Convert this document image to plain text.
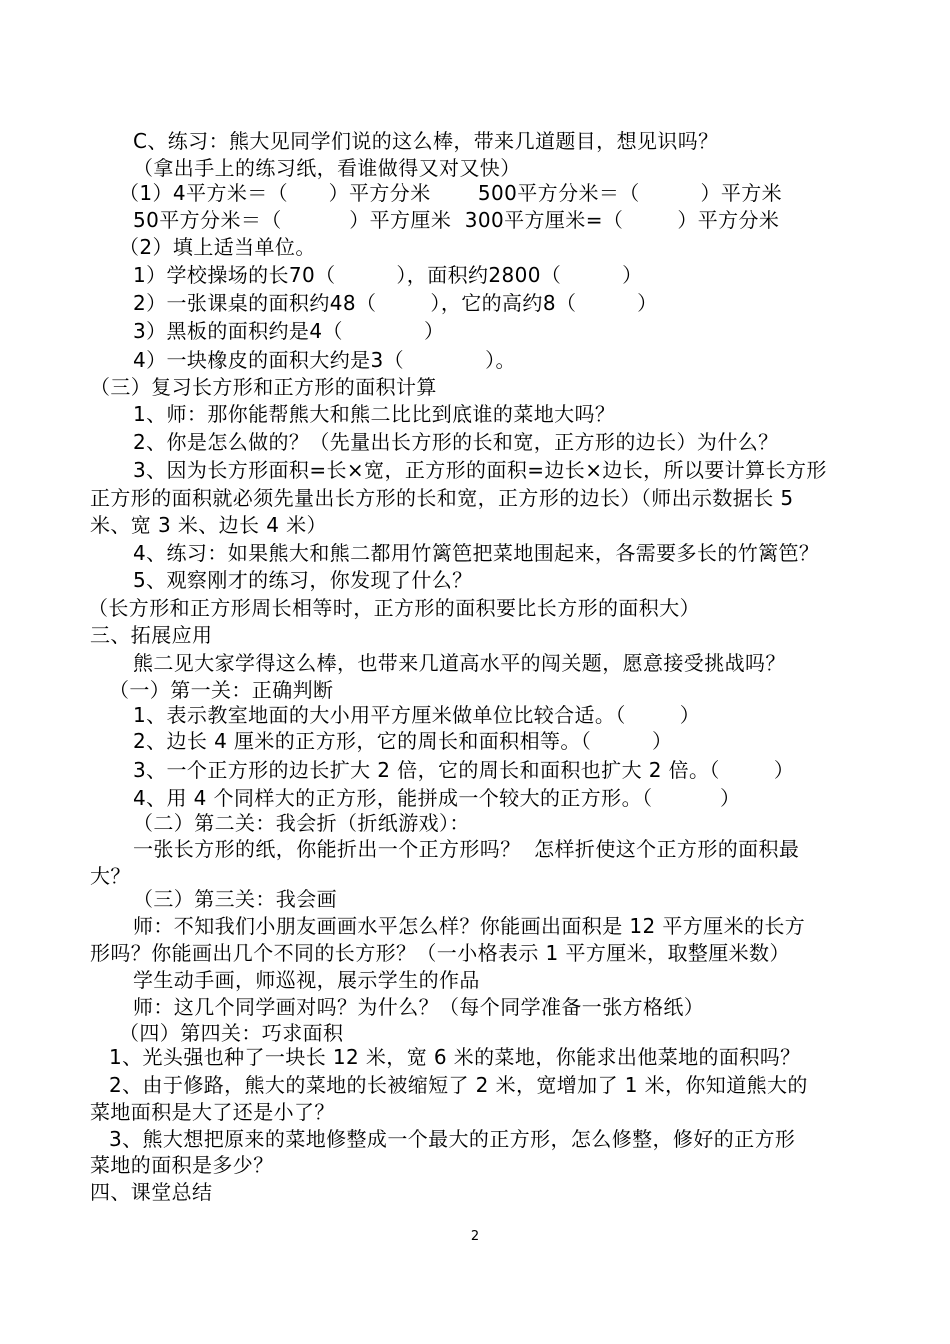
C、练习：熊大见同学们说的这么棒，带来几道题目，想见识吗？
（拿出手上的练习纸，看谁做得又对又快）
（1）4平方米＝（      ）平方分米       500平方分米＝（         ）平方米
50平方分米＝（          ）平方厘米  300平方厘米=（        ）平方分米
（2）填上适当单位。
1）学校操场的长70（         ），面积约2800（         ）
2）一张课桌的面积约48（        ），它的高约8（         ）
3）黑板的面积约是4（            ）
4）一块橡皮的面积大约是3（            ）。
（三）复习长方形和正方形的面积计算
1、师：那你能帮熊大和熊二比比到底谁的菜地大吗？
2、你是怎么做的？（先量出长方形的长和宽，正方形的边长）为什么？
3、因为长方形面积=长×宽，正方形的面积=边长×边长，所以要计算长方形
正方形的面积就必须先量出长方形的长和宽，正方形的边长）（师出示数据长 5
米、宽 3 米、边长 4 米）
4、练习：如果熊大和熊二都用竹篱笆把菜地围起来，各需要多长的竹篱笆？
5、观察刚才的练习，你发现了什么？
（长方形和正方形周长相等时，正方形的面积要比长方形的面积大）
三、拓展应用
熊二见大家学得这么棒，也带来几道高水平的闯关题，愿意接受挑战吗？
（一）第一关：正确判断
1、表示教室地面的大小用平方厘米做单位比较合适。（        ）
2、边长 4 厘米的正方形，它的周长和面积相等。（         ）
3、一个正方形的边长扩大 2 倍，它的周长和面积也扩大 2 倍。（        ）
4、用 4 个同样大的正方形，能拼成一个较大的正方形。（          ）
（二）第二关：我会折（折纸游戏）：
一张长方形的纸，你能折出一个正方形吗？  怎样折使这个正方形的面积最
大？
（三）第三关：我会画
师：不知我们小朋友画画水平怎么样？你能画出面积是 12 平方厘米的长方
形吗？你能画出几个不同的长方形？（一小格表示 1 平方厘米，取整厘米数）
学生动手画，师巡视，展示学生的作品
师：这几个同学画对吗？为什么？（每个同学准备一张方格纸）
（四）第四关：巧求面积
1、光头强也种了一块长 12 米，宽 6 米的菜地，你能求出他菜地的面积吗？
2、由于修路，熊大的菜地的长被缩短了 2 米，宽增加了 1 米，你知道熊大的
菜地面积是大了还是小了？
3、熊大想把原来的菜地修整成一个最大的正方形，怎么修整，修好的正方形
菜地的面积是多少？
四、课堂总结
2
